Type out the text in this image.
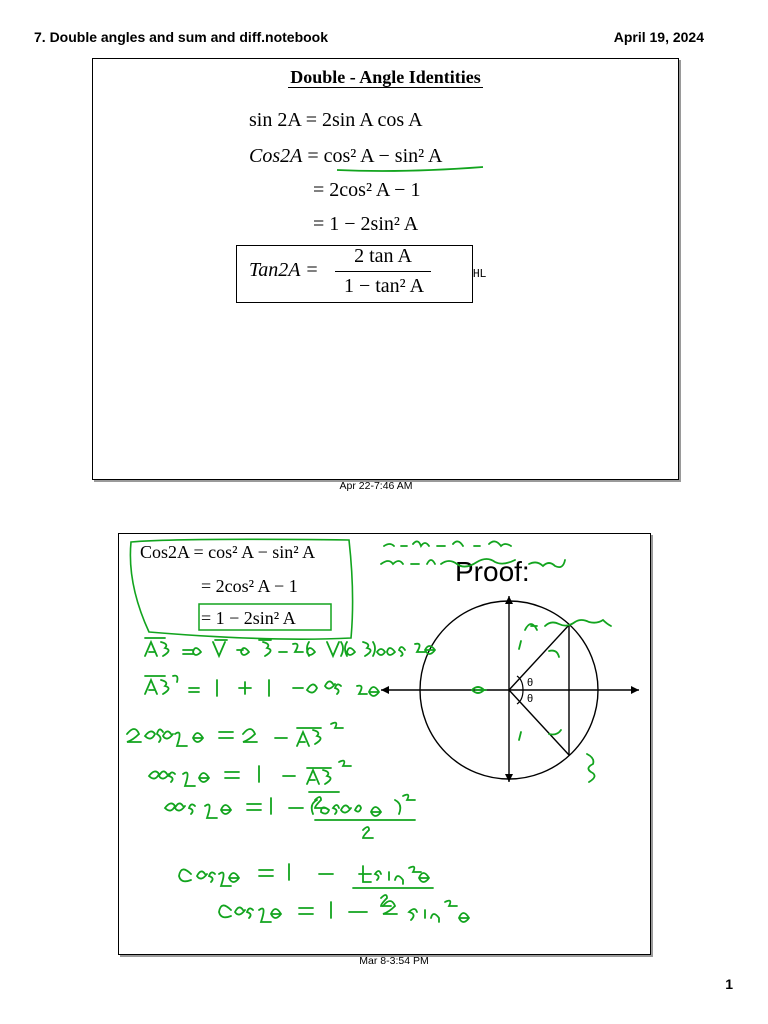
7. Double angles and sum and diff.notebook	April 19, 2024
Double - Angle Identities
sin 2A = 2sin A cos A
Cos2A = cos² A − sin² A
= 2cos² A − 1
= 1 − 2sin² A
Tan2A =
2 tan A
1 − tan² A
HL
Apr 22-7:46 AM
Cos2A = cos² A − sin² A
= 2cos² A − 1
= 1 − 2sin² A
Proof:
θ
θ
Mar 8-3:54 PM
1
